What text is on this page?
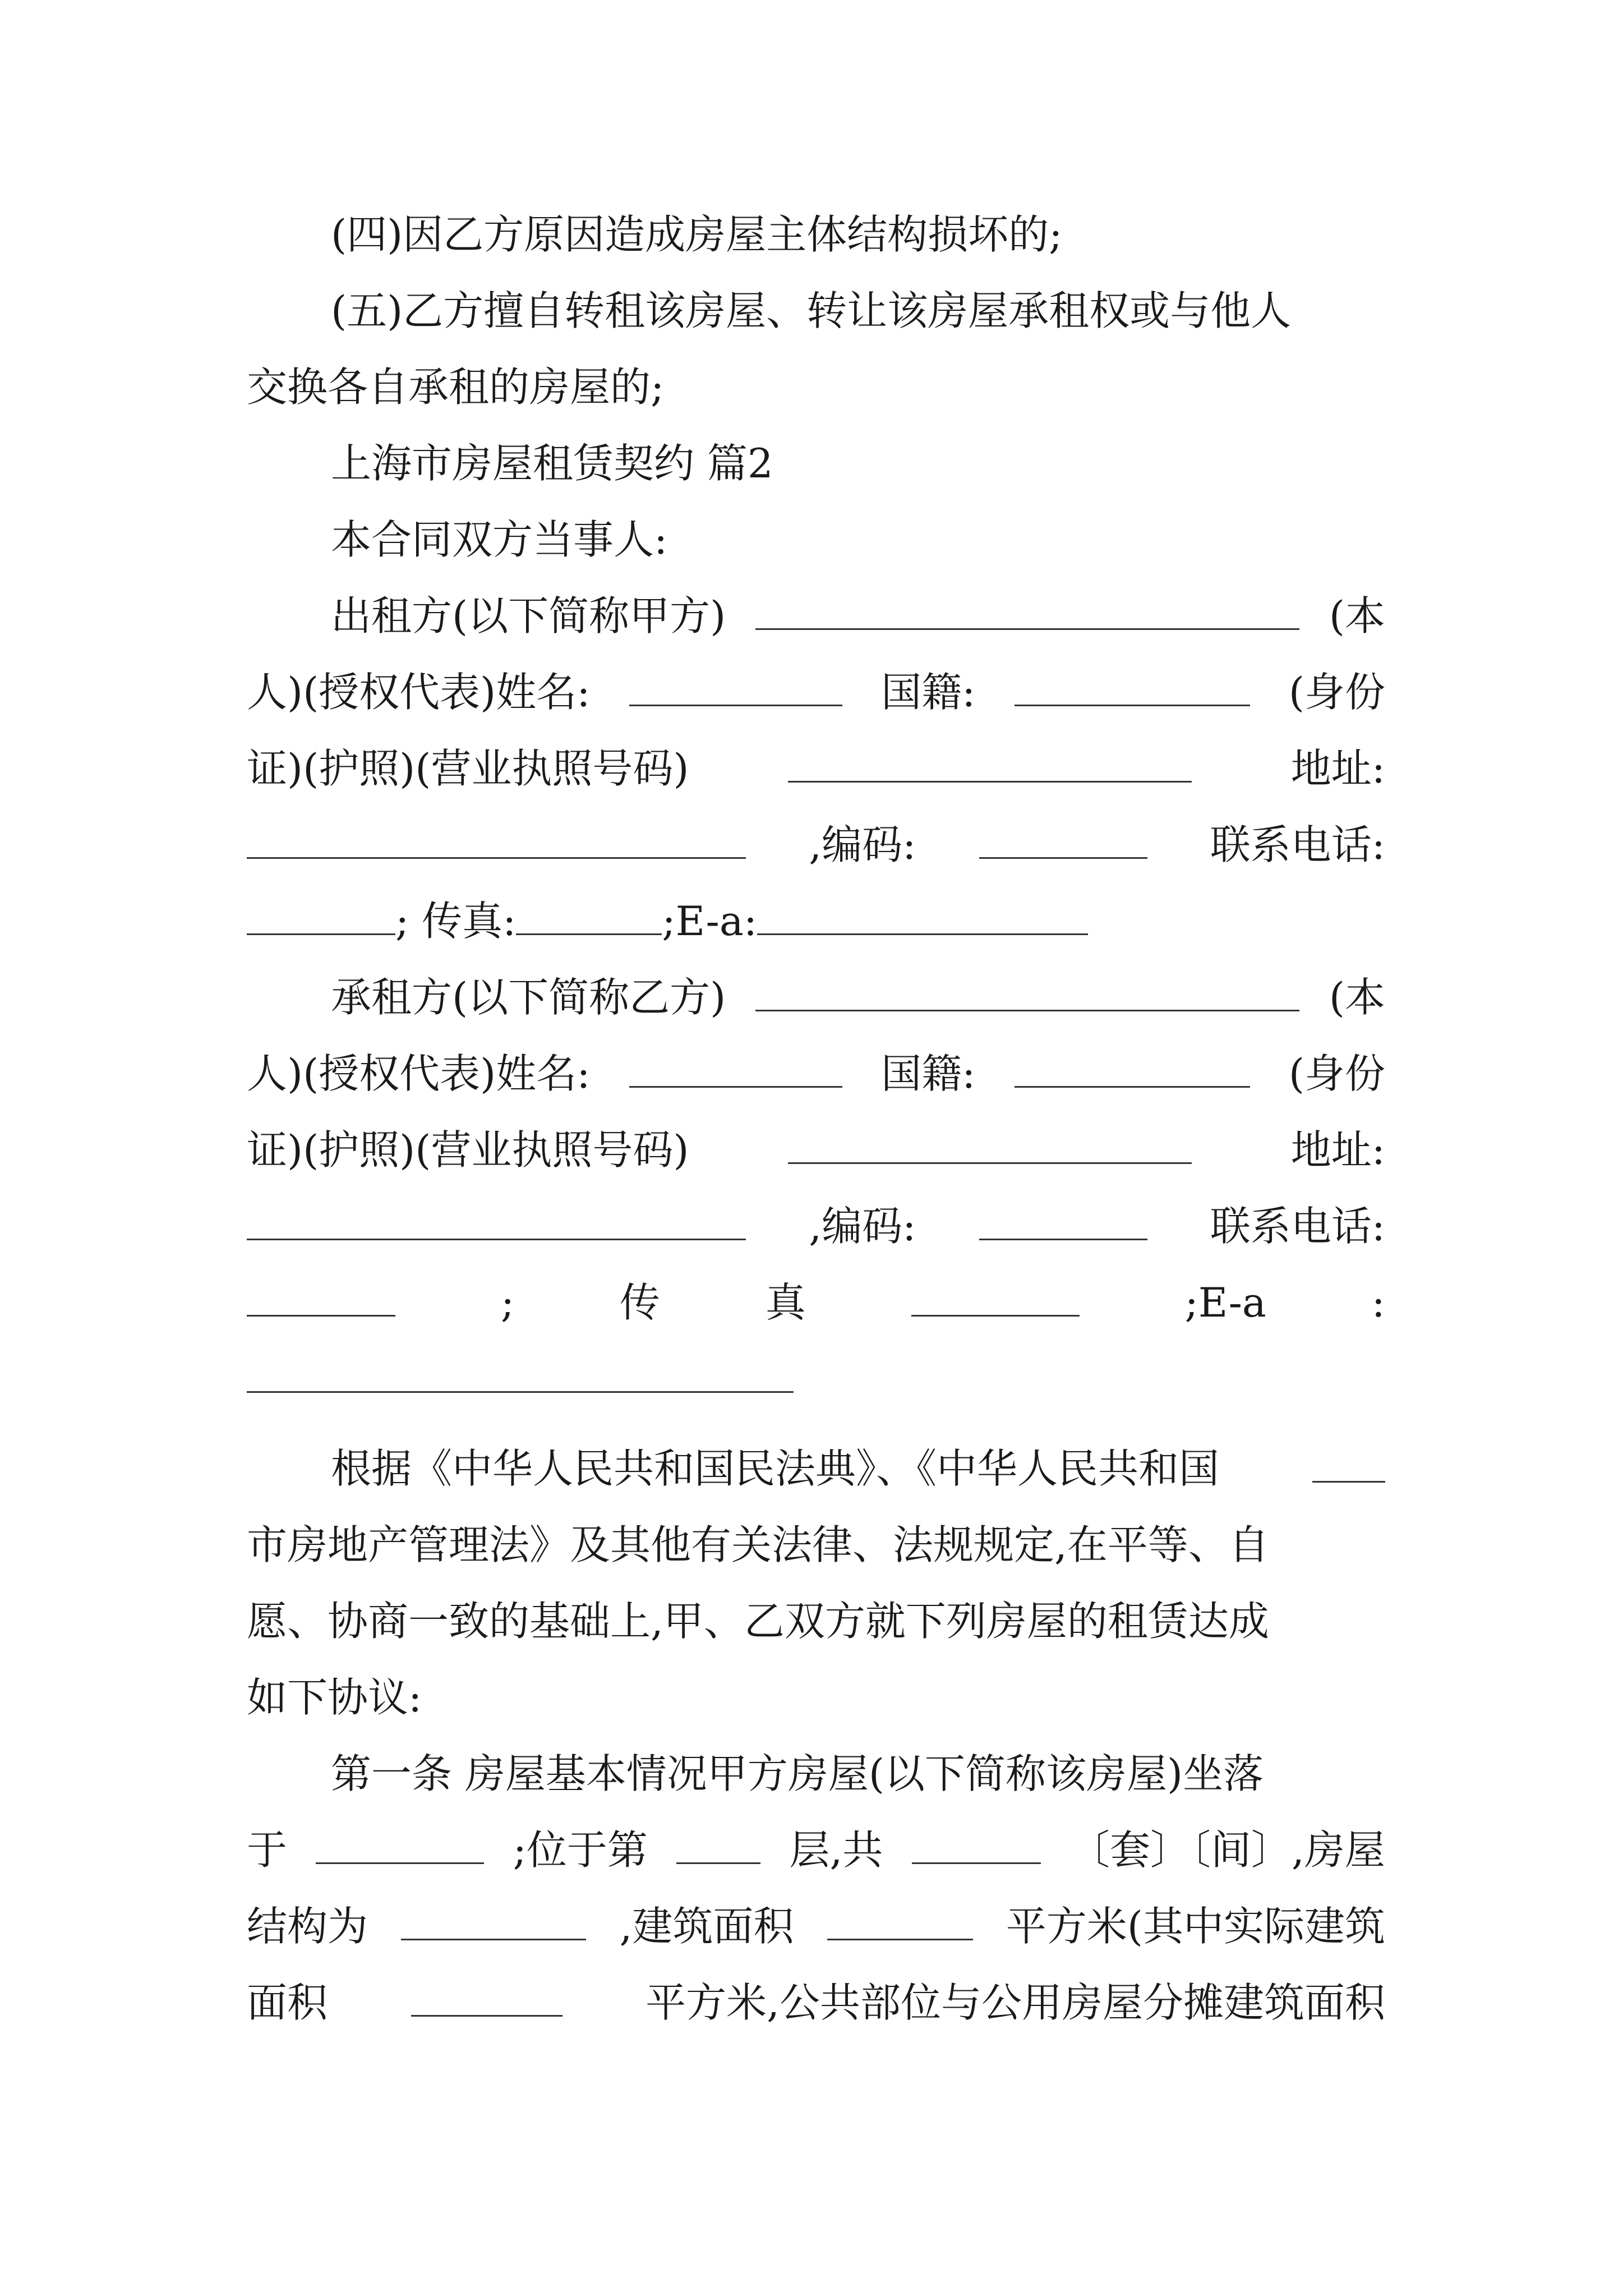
(四)因乙方原因造成房屋主体结构损坏的;
(五)乙方擅自转租该房屋、转让该房屋承租权或与他人
交换各自承租的房屋的;
上海市房屋租赁契约 篇2
本合同双方当事人:
出租方(以下简称甲方)	(本
人)(授权代表)姓名:	国籍:	(身份
证)(护照)(营业执照号码)	地址:
,编码:	联系电话:
; 传真:	;E-a:
承租方(以下简称乙方)	(本
人)(授权代表)姓名:	国籍:	(身份
证)(护照)(营业执照号码)	地址:
,编码:	联系电话:
;	传	真	;E-a	:
根据《中华人民共和国民法典》、《中华人民共和国
市房地产管理法》及其他有关法律、法规规定,在平等、自
愿、协商一致的基础上,甲、乙双方就下列房屋的租赁达成
如下协议:
第一条 房屋基本情况甲方房屋(以下简称该房屋)坐落
于	;位于第	层,共	〔套〕〔间〕,房屋
结构为	,建筑面积	平方米(其中实际建筑
面积	平方米,公共部位与公用房屋分摊建筑面积
